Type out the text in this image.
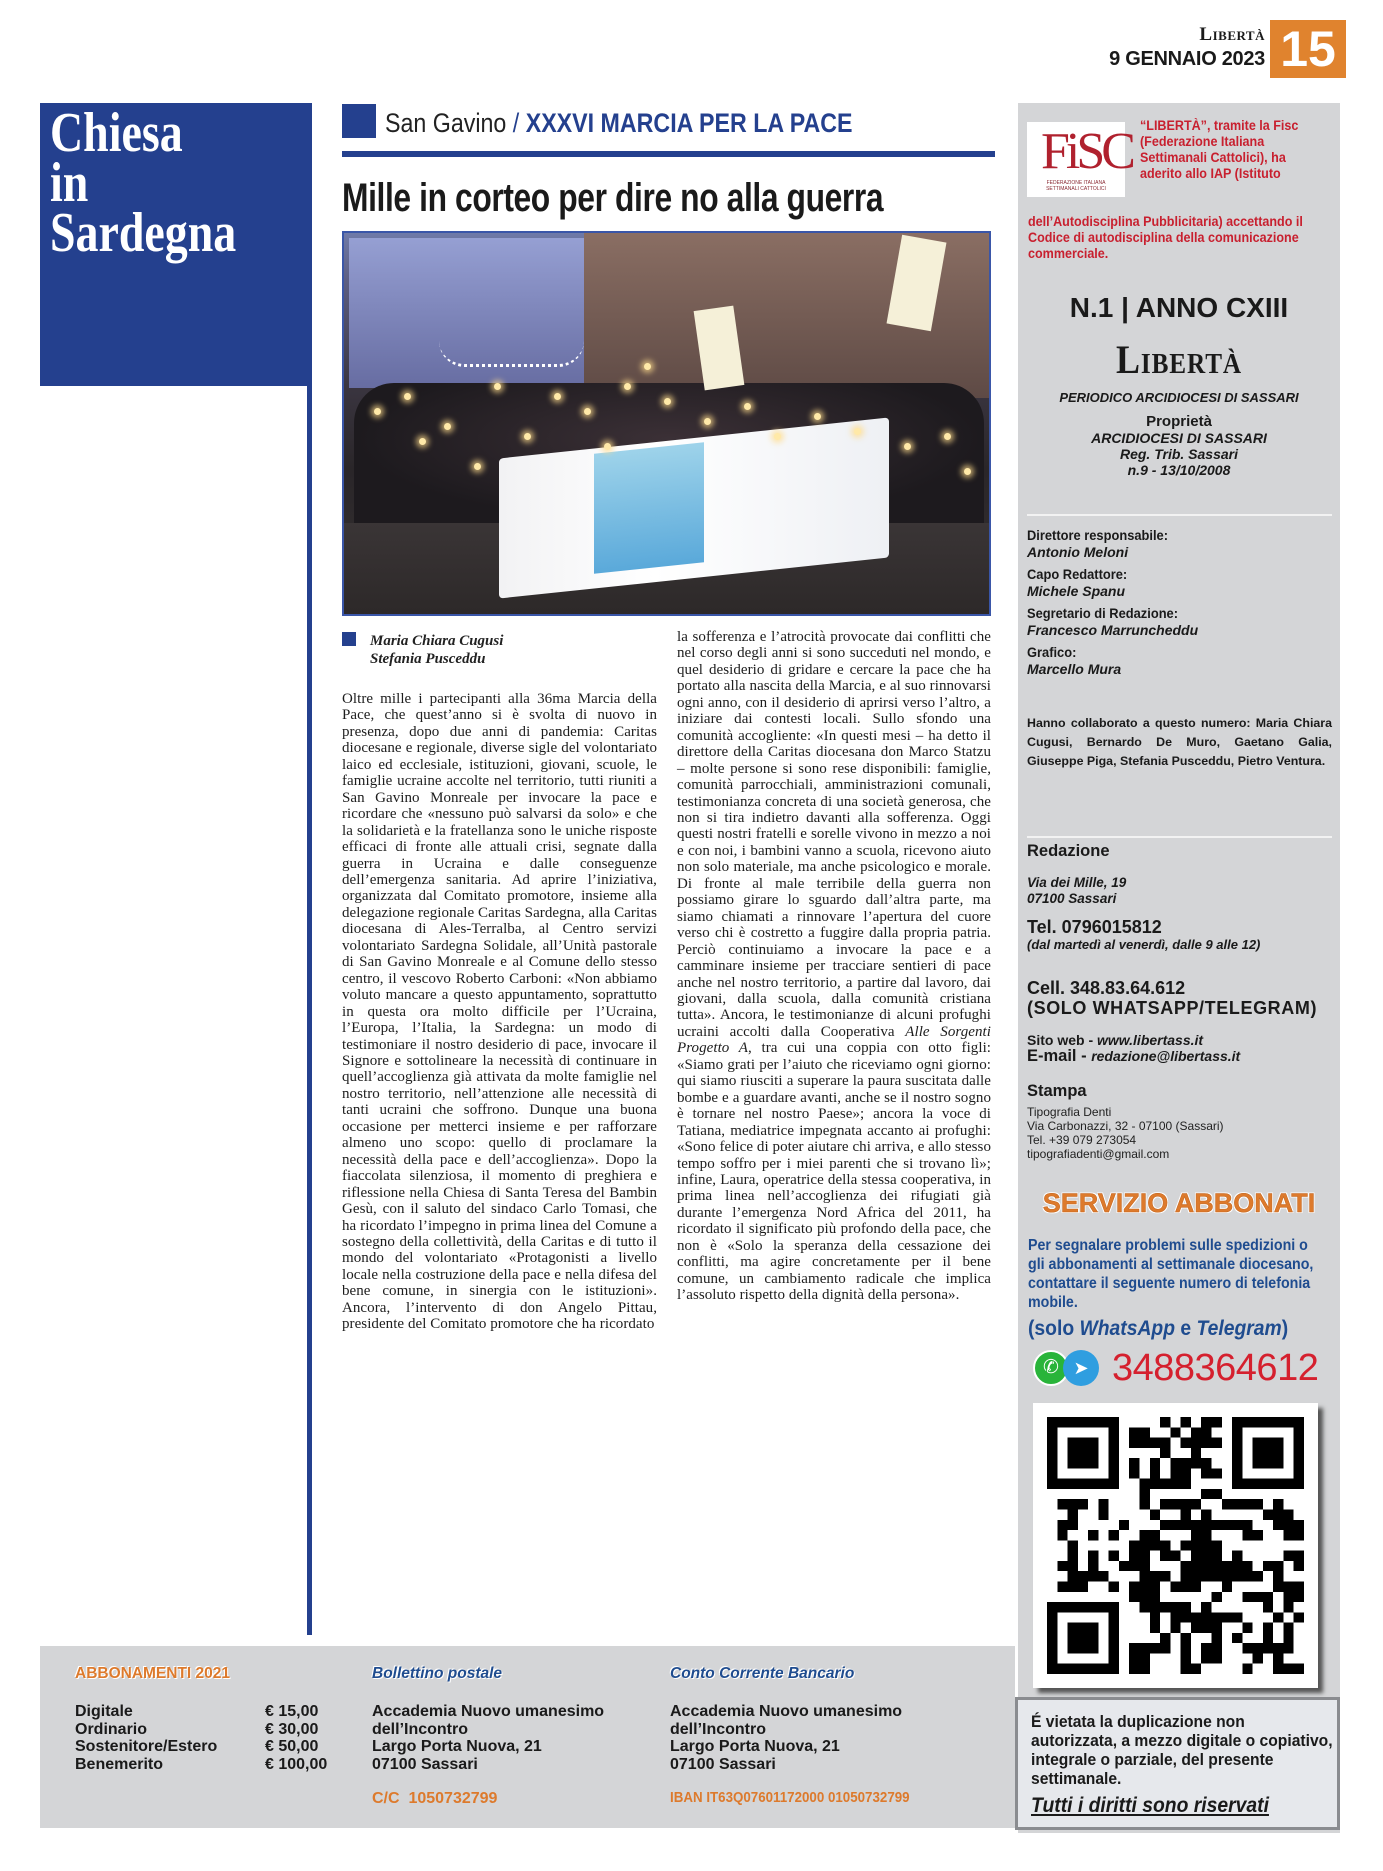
Libertà
9 GENNAIO 2023 15
Chiesa
in
Sardegna
San Gavino / XXXVI MARCIA PER LA PACE
Mille in corteo per dire no alla guerra
Maria Chiara Cugusi
Stefania Pusceddu
Oltre mille i partecipanti alla 36ma Marcia della Pace, che quest’anno si è svolta di nuovo in presenza, dopo due anni di pandemia: Caritas diocesane e regionale, diverse sigle del volontariato laico ed ecclesiale, istituzioni, giovani, scuole, le famiglie ucraine accolte nel territorio, tutti riuniti a San Gavino Monreale per invocare la pace e ricordare che «nessuno può salvarsi da solo» e che la solidarietà e la fratellanza sono le uniche risposte efficaci di fronte alle attuali crisi, segnate dalla guerra in Ucraina e dalle conseguenze dell’emergenza sanitaria. Ad aprire l’iniziativa, organizzata dal Comitato promotore, insieme alla delegazione regionale Caritas Sardegna, alla Caritas diocesana di Ales-Terralba, al Centro servizi volontariato Sardegna Solidale, all’Unità pastorale di San Gavino Monreale e al Comune dello stesso centro, il vescovo Roberto Carboni: «Non abbiamo voluto mancare a questo appuntamento, soprattutto in questa ora molto difficile per l’Ucraina, l’Europa, l’Italia, la Sardegna: un modo di testimoniare il nostro desiderio di pace, invocare il Signore e sottolineare la necessità di continuare in quell’accoglienza già attivata da molte famiglie nel nostro territorio, nell’attenzione alle necessità di tanti ucraini che soffrono. Dunque una buona occasione per metterci insieme e per rafforzare almeno uno scopo: quello di proclamare la necessità della pace e dell’accoglienza». Dopo la fiaccolata silenziosa, il momento di preghiera e riflessione nella Chiesa di Santa Teresa del Bambin Gesù, con il saluto del sindaco Carlo Tomasi, che ha ricordato l’impegno in prima linea del Comune a sostegno della collettività, della Caritas e di tutto il mondo del volontariato «Protagonisti a livello locale nella costruzione della pace e nella difesa del bene comune, in sinergia con le istituzioni». Ancora, l’intervento di don Angelo Pittau, presidente del Comitato promotore che ha ricordato
la sofferenza e l’atrocità provocate dai conflitti che nel corso degli anni si sono succeduti nel mondo, e quel desiderio di gridare e cercare la pace che ha portato alla nascita della Marcia, e al suo rinnovarsi ogni anno, con il desiderio di aprirsi verso l’altro, a iniziare dai contesti locali. Sullo sfondo una comunità accogliente: «In questi mesi – ha detto il direttore della Caritas diocesana don Marco Statzu – molte persone si sono rese disponibili: famiglie, comunità parrocchiali, amministrazioni comunali, testimonianza concreta di una società generosa, che non si tira indietro davanti alla sofferenza. Oggi questi nostri fratelli e sorelle vivono in mezzo a noi e con noi, i bambini vanno a scuola, ricevono aiuto non solo materiale, ma anche psicologico e morale. Di fronte al male terribile della guerra non possiamo girare lo sguardo dall’altra parte, ma siamo chiamati a rinnovare l’apertura del cuore verso chi è costretto a fuggire dalla propria patria. Perciò continuiamo a invocare la pace e a camminare insieme per tracciare sentieri di pace anche nel nostro territorio, a partire dal lavoro, dai giovani, dalla scuola, dalla comunità cristiana tutta». Ancora, le testimonianze di alcuni profughi ucraini accolti dalla Cooperativa Alle Sorgenti Progetto A, tra cui una coppia con otto figli: «Siamo grati per l’aiuto che riceviamo ogni giorno: qui siamo riusciti a superare la paura suscitata dalle bombe e a guardare avanti, anche se il nostro sogno è tornare nel nostro Paese»; ancora la voce di Tatiana, mediatrice impegnata accanto ai profughi: «Sono felice di poter aiutare chi arriva, e allo stesso tempo soffro per i miei parenti che si trovano lì»; infine, Laura, operatrice della stessa cooperativa, in prima linea nell’accoglienza dei rifugiati già durante l’emergenza Nord Africa del 2011, ha ricordato il significato più profondo della pace, che non è «Solo la speranza della cessazione dei conflitti, ma agire concretamente per il bene comune, un cambiamento radicale che implica l’assoluto rispetto della dignità della persona».
FiSC
FEDERAZIONE ITALIANA SETTIMANALI CATTOLICI
“LIBERTÀ”, tramite la Fisc (Federazione Italiana Settimanali Cattolici), ha aderito allo IAP (Istituto
dell’Autodisciplina Pubblicitaria) accettando il Codice di autodisciplina della comunicazione commerciale.
N.1 | ANNO CXIII
Libertà
PERIODICO ARCIDIOCESI DI SASSARI
Proprietà
ARCIDIOCESI DI SASSARI
Reg. Trib. Sassari
n.9 - 13/10/2008
Direttore responsabile:
Antonio Meloni
Capo Redattore:
Michele Spanu
Segretario di Redazione:
Francesco Marruncheddu
Grafico:
Marcello Mura
Hanno collaborato a questo numero: Maria Chiara Cugusi, Bernardo De Muro, Gaetano Galia, Giuseppe Piga, Stefania Pusceddu, Pietro Ventura.
Redazione
Via dei Mille, 19
07100 Sassari
Tel. 0796015812
(dal martedì al venerdì, dalle 9 alle 12)
Cell. 348.83.64.612
(SOLO WHATSAPP/TELEGRAM)
Sito web - www.libertass.it
E-mail - redazione@libertass.it
Stampa
Tipografia Denti
Via Carbonazzi, 32 - 07100 (Sassari)
Tel. +39 079 273054
tipografiadenti@gmail.com
SERVIZIO ABBONATI
Per segnalare problemi sulle spedizioni o gli abbonamenti al settimanale diocesano, contattare il seguente numero di telefonia mobile.
(solo WhatsApp e Telegram)
✆ ➤ 3488364612
É vietata la duplicazione non autorizzata, a mezzo digitale o copiativo, integrale o parziale, del presente settimanale.
Tutti i diritti sono riservati
ABBONAMENTI 2021
Digitale	€ 15,00
Ordinario	€ 30,00
Sostenitore/Estero	€ 50,00
Benemerito	€ 100,00
Bollettino postale
Accademia Nuovo umanesimo
dell’Incontro
Largo Porta Nuova, 21
07100 Sassari
C/C  1050732799
Conto Corrente Bancario
Accademia Nuovo umanesimo
dell’Incontro
Largo Porta Nuova, 21
07100 Sassari
IBAN IT63Q07601172000 01050732799
